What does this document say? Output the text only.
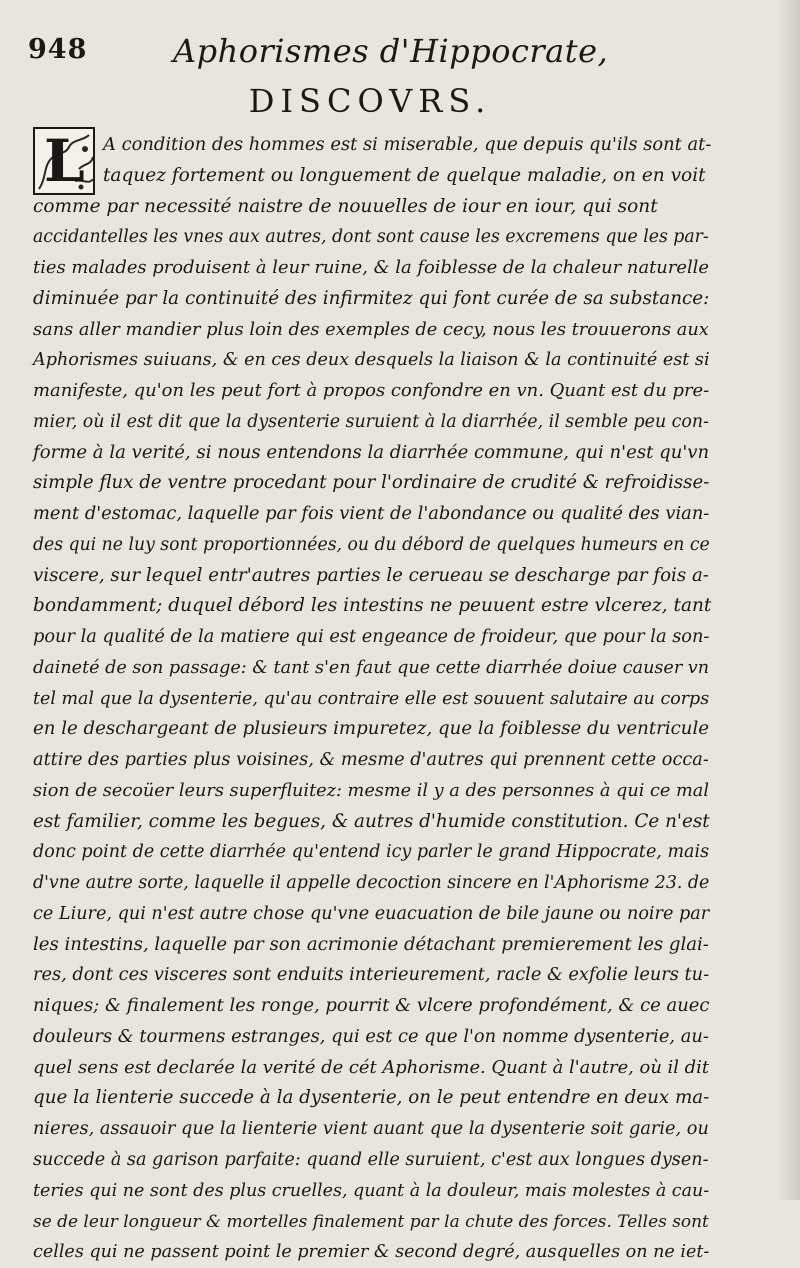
948	Aphorismes d'Hippocrate,
DISCOVRS.
L	A condition des hommes est si miserable, que depuis qu'ils sont at-
taquez fortement ou longuement de quelque maladie, on en voit
comme par necessité naistre de nouuelles de iour en iour, qui sont
accidantelles les vnes aux autres, dont sont cause les excremens que les par-
ties malades produisent à leur ruine, & la foiblesse de la chaleur naturelle
diminuée par la continuité des infirmitez qui font curée de sa substance:
sans aller mandier plus loin des exemples de cecy, nous les trouuerons aux
Aphorismes suiuans, & en ces deux desquels la liaison & la continuité est si
manifeste, qu'on les peut fort à propos confondre en vn. Quant est du pre-
mier, où il est dit que la dysenterie suruient à la diarrhée, il semble peu con-
forme à la verité, si nous entendons la diarrhée commune, qui n'est qu'vn
simple flux de ventre procedant pour l'ordinaire de crudité & refroidisse-
ment d'estomac, laquelle par fois vient de l'abondance ou qualité des vian-
des qui ne luy sont proportionnées, ou du débord de quelques humeurs en ce
viscere, sur lequel entr'autres parties le cerueau se descharge par fois a-
bondamment; duquel débord les intestins ne peuuent estre vlcerez, tant
pour la qualité de la matiere qui est engeance de froideur, que pour la son-
daineté de son passage: & tant s'en faut que cette diarrhée doiue causer vn
tel mal que la dysenterie, qu'au contraire elle est souuent salutaire au corps
en le deschargeant de plusieurs impuretez, que la foiblesse du ventricule
attire des parties plus voisines, & mesme d'autres qui prennent cette occa-
sion de secoüer leurs superfluitez: mesme il y a des personnes à qui ce mal
est familier, comme les begues, & autres d'humide constitution. Ce n'est
donc point de cette diarrhée qu'entend icy parler le grand Hippocrate, mais
d'vne autre sorte, laquelle il appelle decoction sincere en l'Aphorisme 23. de
ce Liure, qui n'est autre chose qu'vne euacuation de bile jaune ou noire par
les intestins, laquelle par son acrimonie détachant premierement les glai-
res, dont ces visceres sont enduits interieurement, racle & exfolie leurs tu-
niques; & finalement les ronge, pourrit & vlcere profondément, & ce auec
douleurs & tourmens estranges, qui est ce que l'on nomme dysenterie, au-
quel sens est declarée la verité de cét Aphorisme. Quant à l'autre, où il dit
que la lienterie succede à la dysenterie, on le peut entendre en deux ma-
nieres, assauoir que la lienterie vient auant que la dysenterie soit garie, ou
succede à sa garison parfaite: quand elle suruient, c'est aux longues dysen-
teries qui ne sont des plus cruelles, quant à la douleur, mais molestes à cau-
se de leur longueur & mortelles finalement par la chute des forces. Telles sont
celles qui ne passent point le premier & second degré, ausquelles on ne iet-
